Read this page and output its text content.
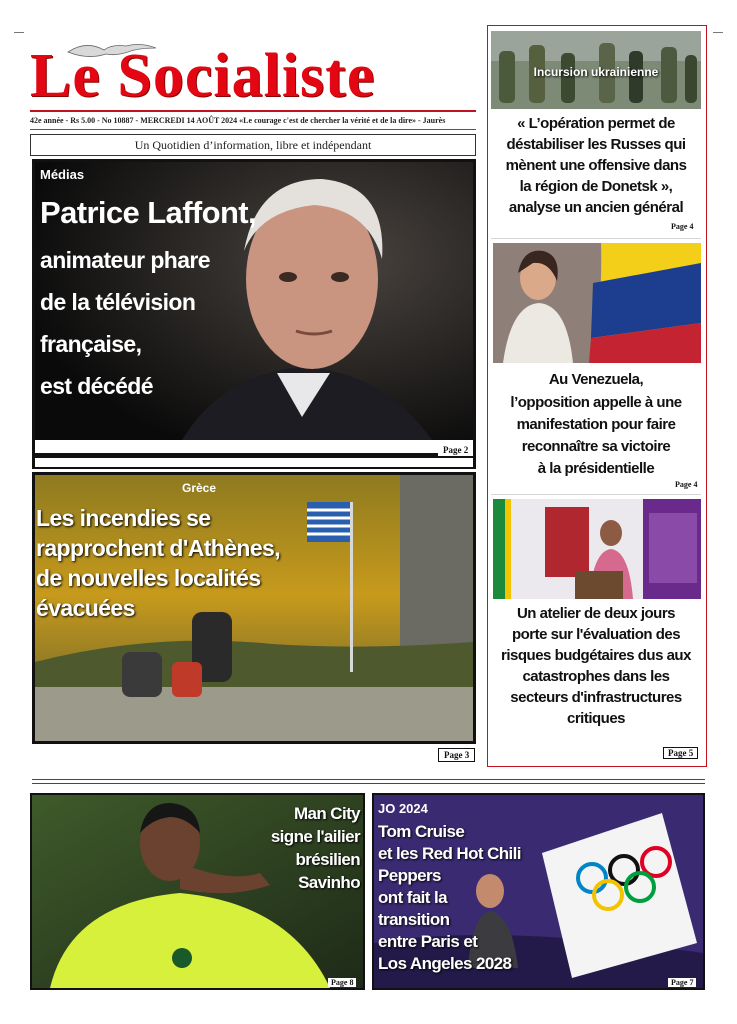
Le Socialiste
42e année - Rs 5.00 - No 10887 - MERCREDI 14 AOÛT 2024 «Le courage c'est de chercher la vérité et de la dire» - Jaurès
Un Quotidien d’information, libre et indépendant
Médias
Patrice Laffont,
animateur phare
de la télévision
française,
est décédé
Page 2
Grèce
Les incendies se
rapprochent d'Athènes,
de nouvelles localités
évacuées
Page 3
Incursion ukrainienne
« L’opération permet de
déstabiliser les Russes qui
mènent une offensive dans
la région de Donetsk »,
analyse un ancien général
Page 4
Au Venezuela,
l’opposition appelle à une
manifestation pour faire
reconnaître sa victoire
à la présidentielle
Page 4
Un atelier de deux jours
porte sur l'évaluation des
risques budgétaires dus aux
catastrophes dans les
secteurs d'infrastructures
critiques
Page 5
Man City
signe l'ailier
brésilien
Savinho
Page 8
JO 2024
Tom Cruise
et les Red Hot Chili
Peppers
ont fait la
transition
entre Paris et
Los Angeles 2028
Page 7
